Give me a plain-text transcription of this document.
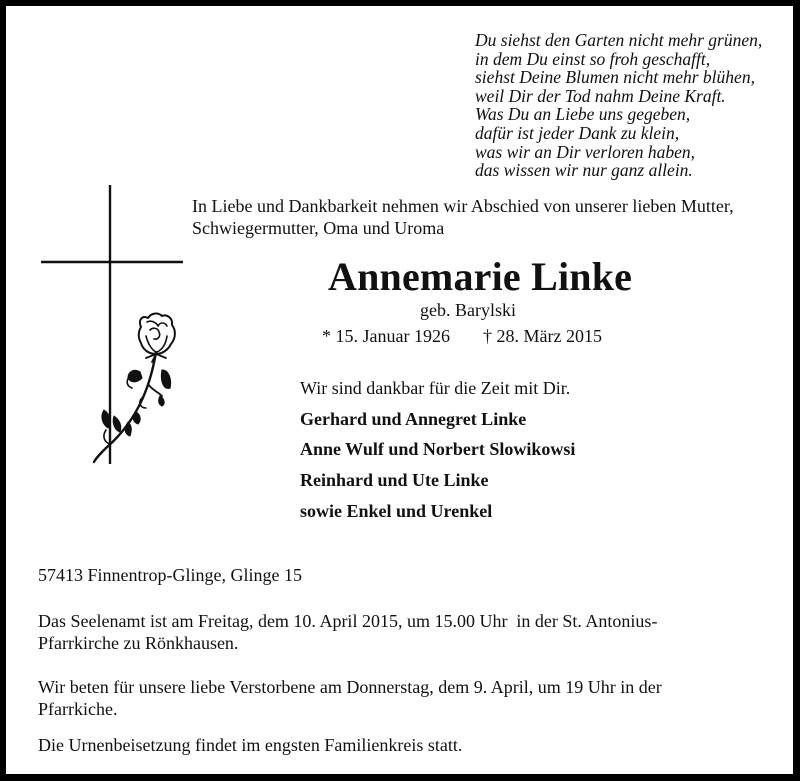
Du siehst den Garten nicht mehr grünen,
in dem Du einst so froh geschafft,
siehst Deine Blumen nicht mehr blühen,
weil Dir der Tod nahm Deine Kraft.
Was Du an Liebe uns gegeben,
dafür ist jeder Dank zu klein,
was wir an Dir verloren haben,
das wissen wir nur ganz allein.
In Liebe und Dankbarkeit nehmen wir Abschied von unserer lieben Mutter,
Schwiegermutter, Oma und Uroma
Annemarie Linke
geb. Barylski
* 15. Januar 1926 † 28. März 2015
Wir sind dankbar für die Zeit mit Dir.
Gerhard und Annegret Linke
Anne Wulf und Norbert Slowikowsi
Reinhard und Ute Linke
sowie Enkel und Urenkel
57413 Finnentrop-Glinge, Glinge 15
Das Seelenamt ist am Freitag, dem 10. April 2015, um 15.00 Uhr  in der St. Antonius-
Pfarrkirche zu Rönkhausen.
Wir beten für unsere liebe Verstorbene am Donnerstag, dem 9. April, um 19 Uhr in der
Pfarrkiche.
Die Urnenbeisetzung findet im engsten Familienkreis statt.
